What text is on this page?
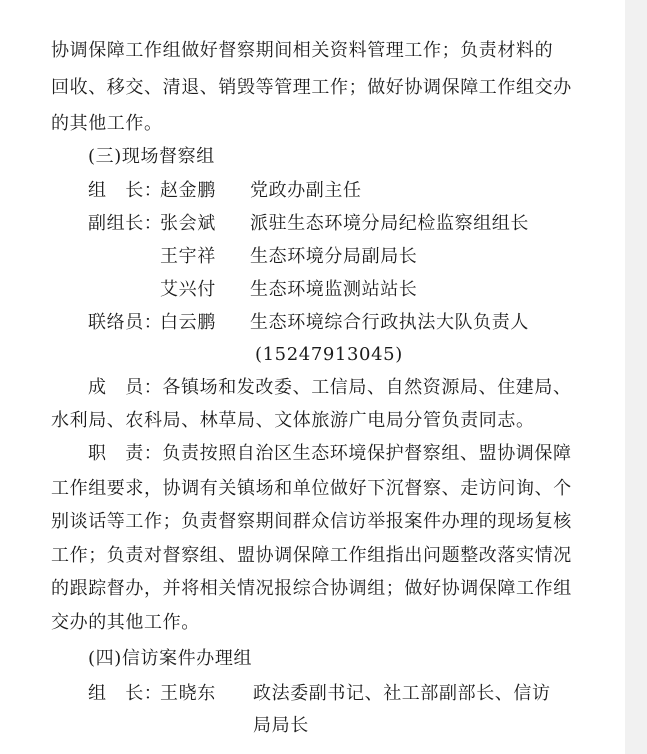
协调保障工作组做好督察期间相关资料管理工作；负责材料的
回收、移交、清退、销毁等管理工作；做好协调保障工作组交办
的其他工作。
(三)现场督察组
组　长：
赵金鹏 党政办副主任
副组长：
张会斌 派驻生态环境分局纪检监察组组长
王宇祥 生态环境分局副局长
艾兴付 生态环境监测站站长
联络员：
白云鹏 生态环境综合行政执法大队负责人
(15247913045)
成　员：各镇场和发改委、工信局、自然资源局、住建局、
水利局、农科局、林草局、文体旅游广电局分管负责同志。
职　责：负责按照自治区生态环境保护督察组、盟协调保障
工作组要求，协调有关镇场和单位做好下沉督察、走访问询、个
别谈话等工作；负责督察期间群众信访举报案件办理的现场复核
工作；负责对督察组、盟协调保障工作组指出问题整改落实情况
的跟踪督办，并将相关情况报综合协调组；做好协调保障工作组
交办的其他工作。
(四)信访案件办理组
组　长：
王晓东 政法委副书记、社工部副部长、信访
局局长
